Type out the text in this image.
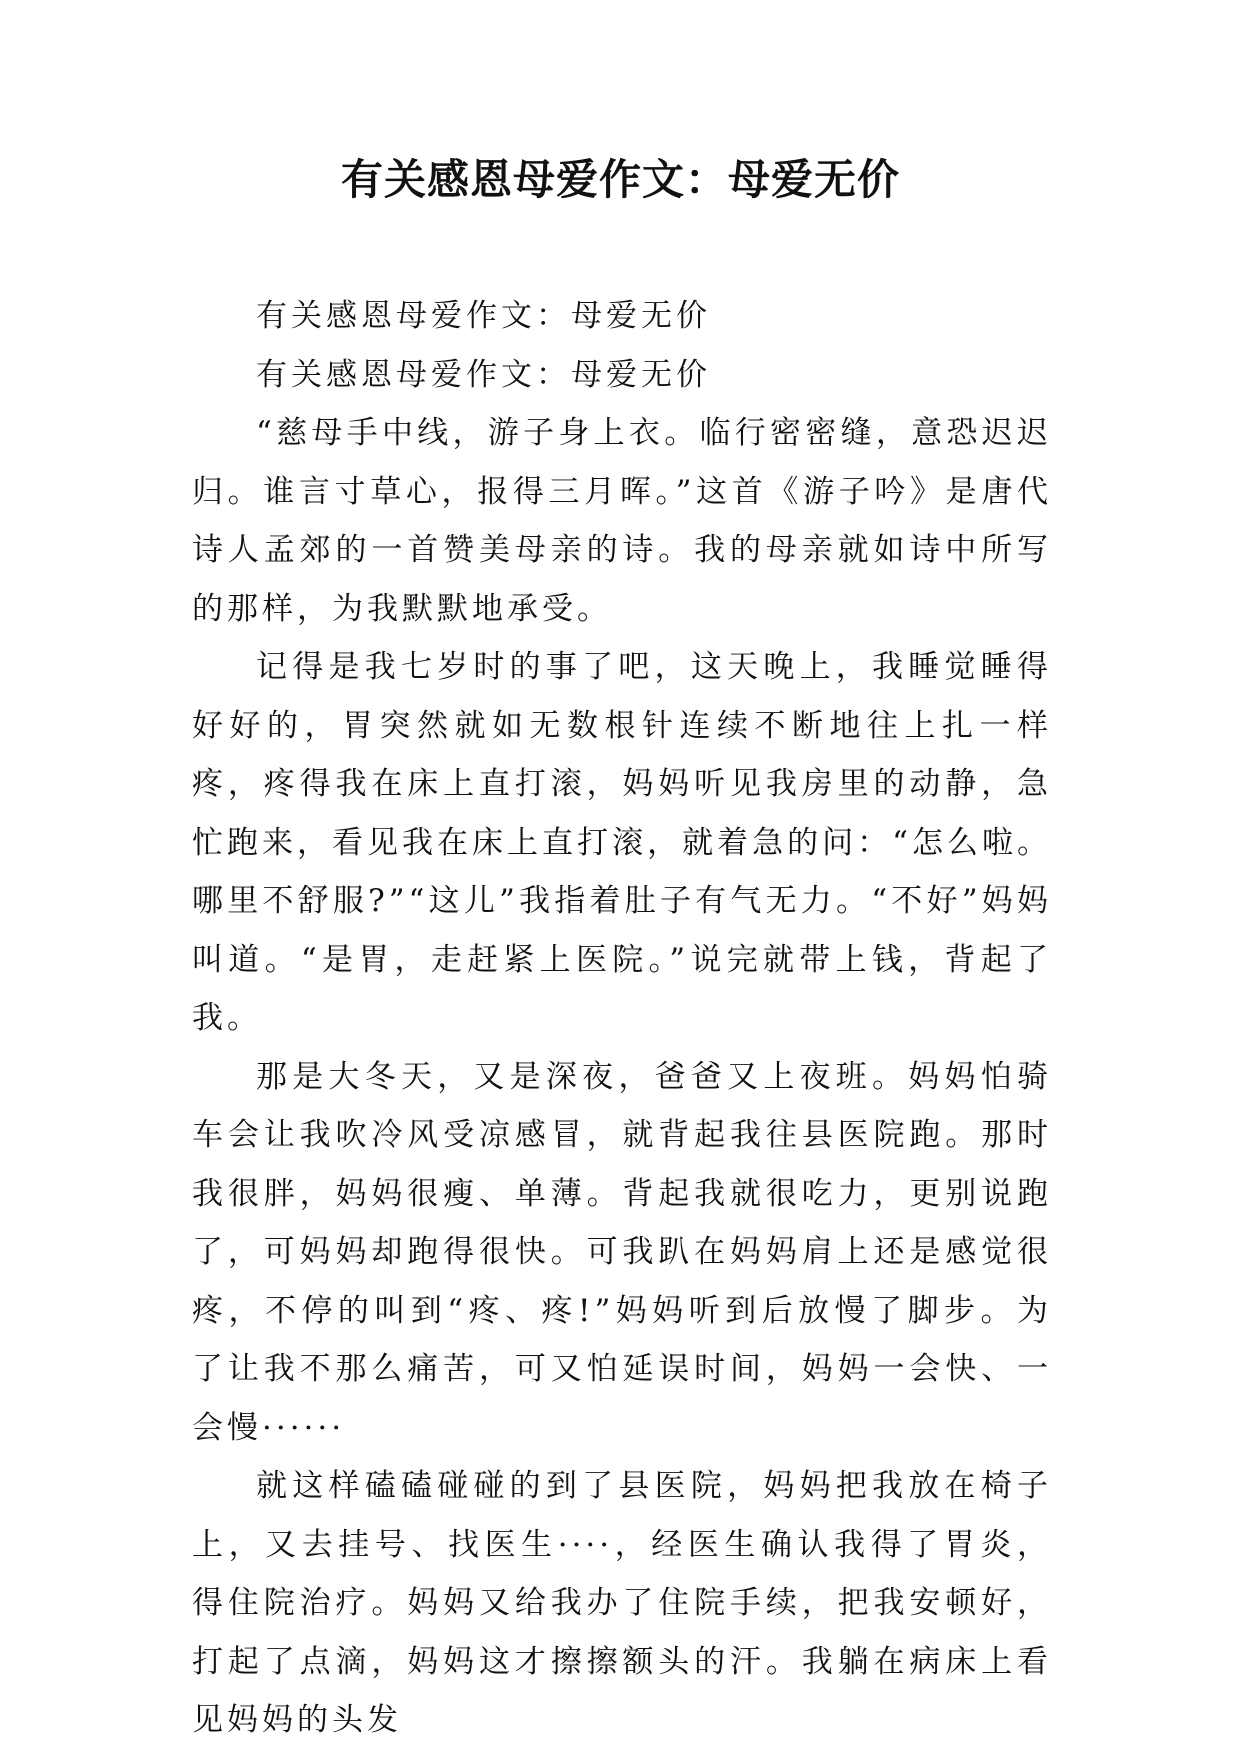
有关感恩母爱作文：母爱无价

有关感恩母爱作文：母爱无价

有关感恩母爱作文：母爱无价

“慈母手中线，游子身上衣。临行密密缝，意恐迟迟归。谁言寸草心，报得三月晖。”这首《游子吟》是唐代诗人孟郊的一首赞美母亲的诗。我的母亲就如诗中所写的那样，为我默默地承受。

记得是我七岁时的事了吧，这天晚上，我睡觉睡得好好的，胃突然就如无数根针连续不断地往上扎一样疼，疼得我在床上直打滚，妈妈听见我房里的动静，急忙跑来，看见我在床上直打滚，就着急的问：“怎么啦。哪里不舒服?”“这儿”我指着肚子有气无力。“不好”妈妈叫道。“是胃，走赶紧上医院。”说完就带上钱，背起了我。

那是大冬天，又是深夜，爸爸又上夜班。妈妈怕骑车会让我吹冷风受凉感冒，就背起我往县医院跑。那时我很胖，妈妈很瘦、单薄。背起我就很吃力，更别说跑了，可妈妈却跑得很快。可我趴在妈妈肩上还是感觉很疼，不停的叫到“疼、疼!”妈妈听到后放慢了脚步。为了让我不那么痛苦，可又怕延误时间，妈妈一会快、一会慢······

就这样磕磕碰碰的到了县医院，妈妈把我放在椅子上，又去挂号、找医生····，经医生确认我得了胃炎，得住院治疗。妈妈又给我办了住院手续，把我安顿好，打起了点滴，妈妈这才擦擦额头的汗。我躺在病床上看见妈妈的头发
